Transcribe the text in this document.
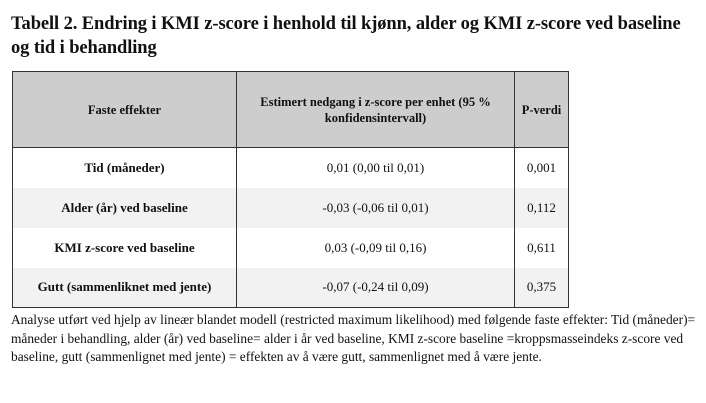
Tabell 2. Endring i KMI z-score i henhold til kjønn, alder og KMI z-score ved baseline og tid i behandling
Faste effekter	Estimert nedgang i z-score per enhet (95 % konfidensintervall)	P-verdi
Tid (måneder)	0,01 (0,00 til 0,01)	0,001
Alder (år) ved baseline	-0,03 (-0,06 til 0,01)	0,112
KMI z-score ved baseline	0,03 (-0,09 til 0,16)	0,611
Gutt (sammenliknet med jente)	-0,07 (-0,24 til 0,09)	0,375
Analyse utført ved hjelp av lineær blandet modell (restricted maximum likelihood) med følgende faste effekter: Tid (måneder)= måneder i behandling, alder (år) ved baseline= alder i år ved baseline, KMI z-score baseline =kroppsmasseindeks z-score ved baseline, gutt (sammenlignet med jente) = effekten av å være gutt, sammenlignet med å være jente.
